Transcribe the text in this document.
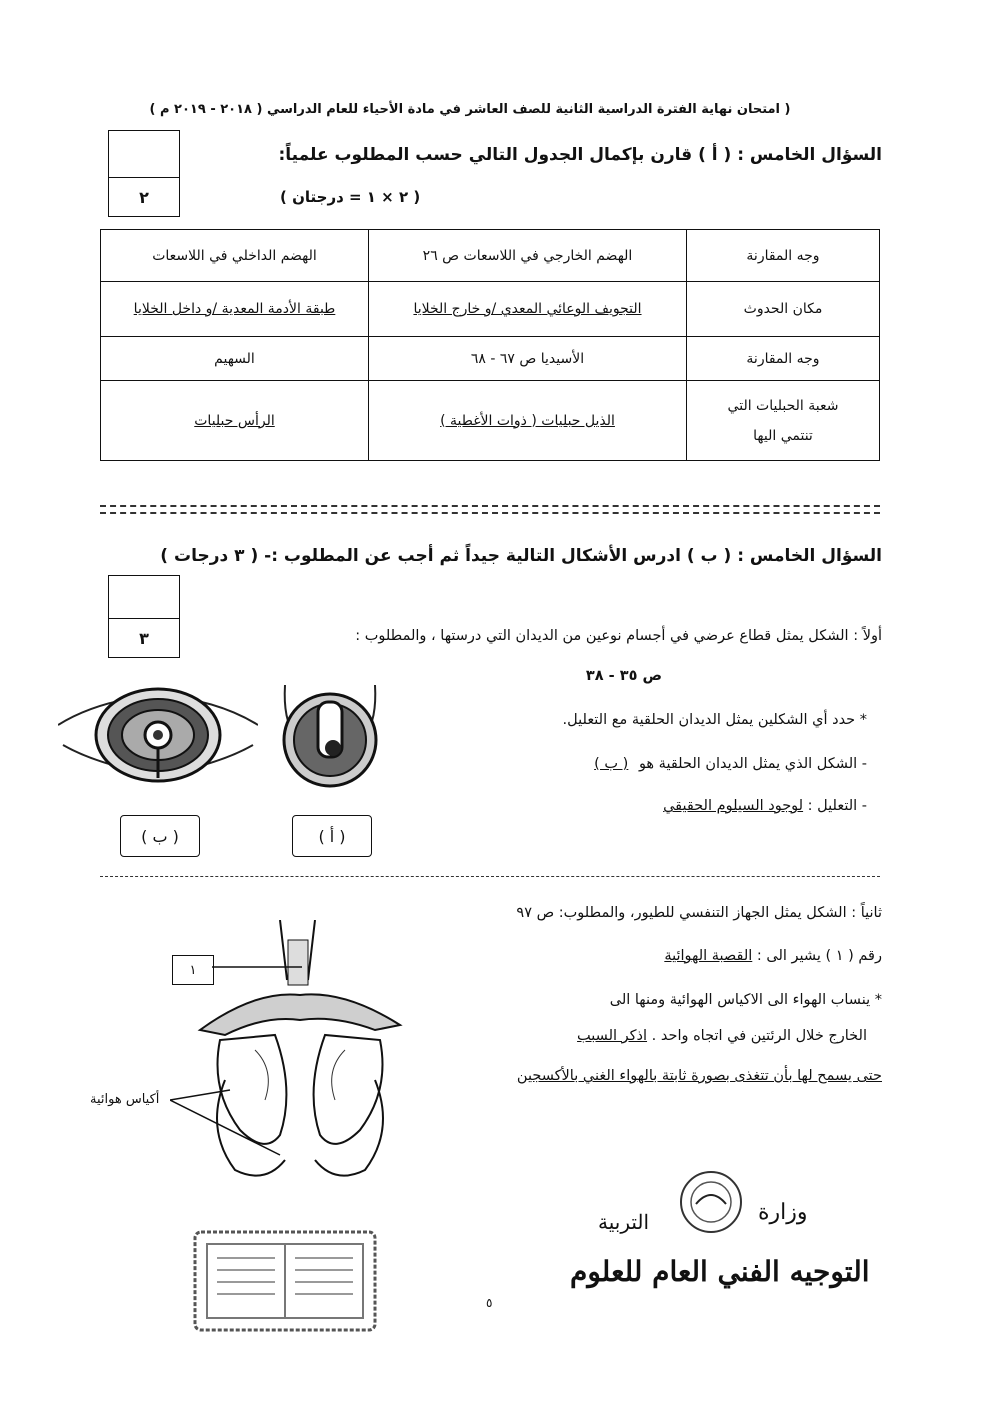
( امتحان نهاية الفترة الدراسية الثانية للصف العاشر في مادة الأحياء للعام الدراسي ( ٢٠١٨ - ٢٠١٩ م )
٢
السؤال الخامس : ( أ ) قارن بإكمال الجدول التالي حسب المطلوب علمياً:
( ٢ × ١ = درجتان )
وجه المقارنة	الهضم الخارجي في اللاسعات ص ٢٦	الهضم الداخلي في اللاسعات
مكان الحدوث	التجويف الوعائي المعدي /و خارج الخلايا	طبقة الأدمة المعدية /و داخل الخلايا
وجه المقارنة	الأسيديا ص ٦٧ - ٦٨	السهيم

شعبة الحبليات التي
تنتمي اليها	الذيل حبليات ( ذوات الأغطية )	الرأس حبليات
السؤال الخامس : ( ب ) ادرس الأشكال التالية جيداً ثم أجب عن المطلوب :- ( ٣ درجات )
٣	أولاً : الشكل يمثل قطاع عرضي في أجسام نوعين من الديدان التي درستها ، والمطلوب :
ص ٣٥ - ٣٨
* حدد أي الشكلين يمثل الديدان الحلقية مع التعليل.
- الشكل الذي يمثل الديدان الحلقية هو ( ب )
- التعليل : لوجود السيلوم الحقيقي
( ب )	( أ )
ثانياً : الشكل يمثل الجهاز التنفسي للطيور، والمطلوب: ص ٩٧
رقم ( ١ ) يشير الى : القصبة الهوائية
* ينساب الهواء الى الاكياس الهوائية ومنها الى
الخارج خلال الرئتين في اتجاه واحد . اذكر السبب
حتى يسمح لها بأن تتغذى بصورة ثابتة بالهواء الغني بالأكسجين
١
أكياس هوائية
وزارة
التربية
التوجيه الفني العام للعلوم
٥
